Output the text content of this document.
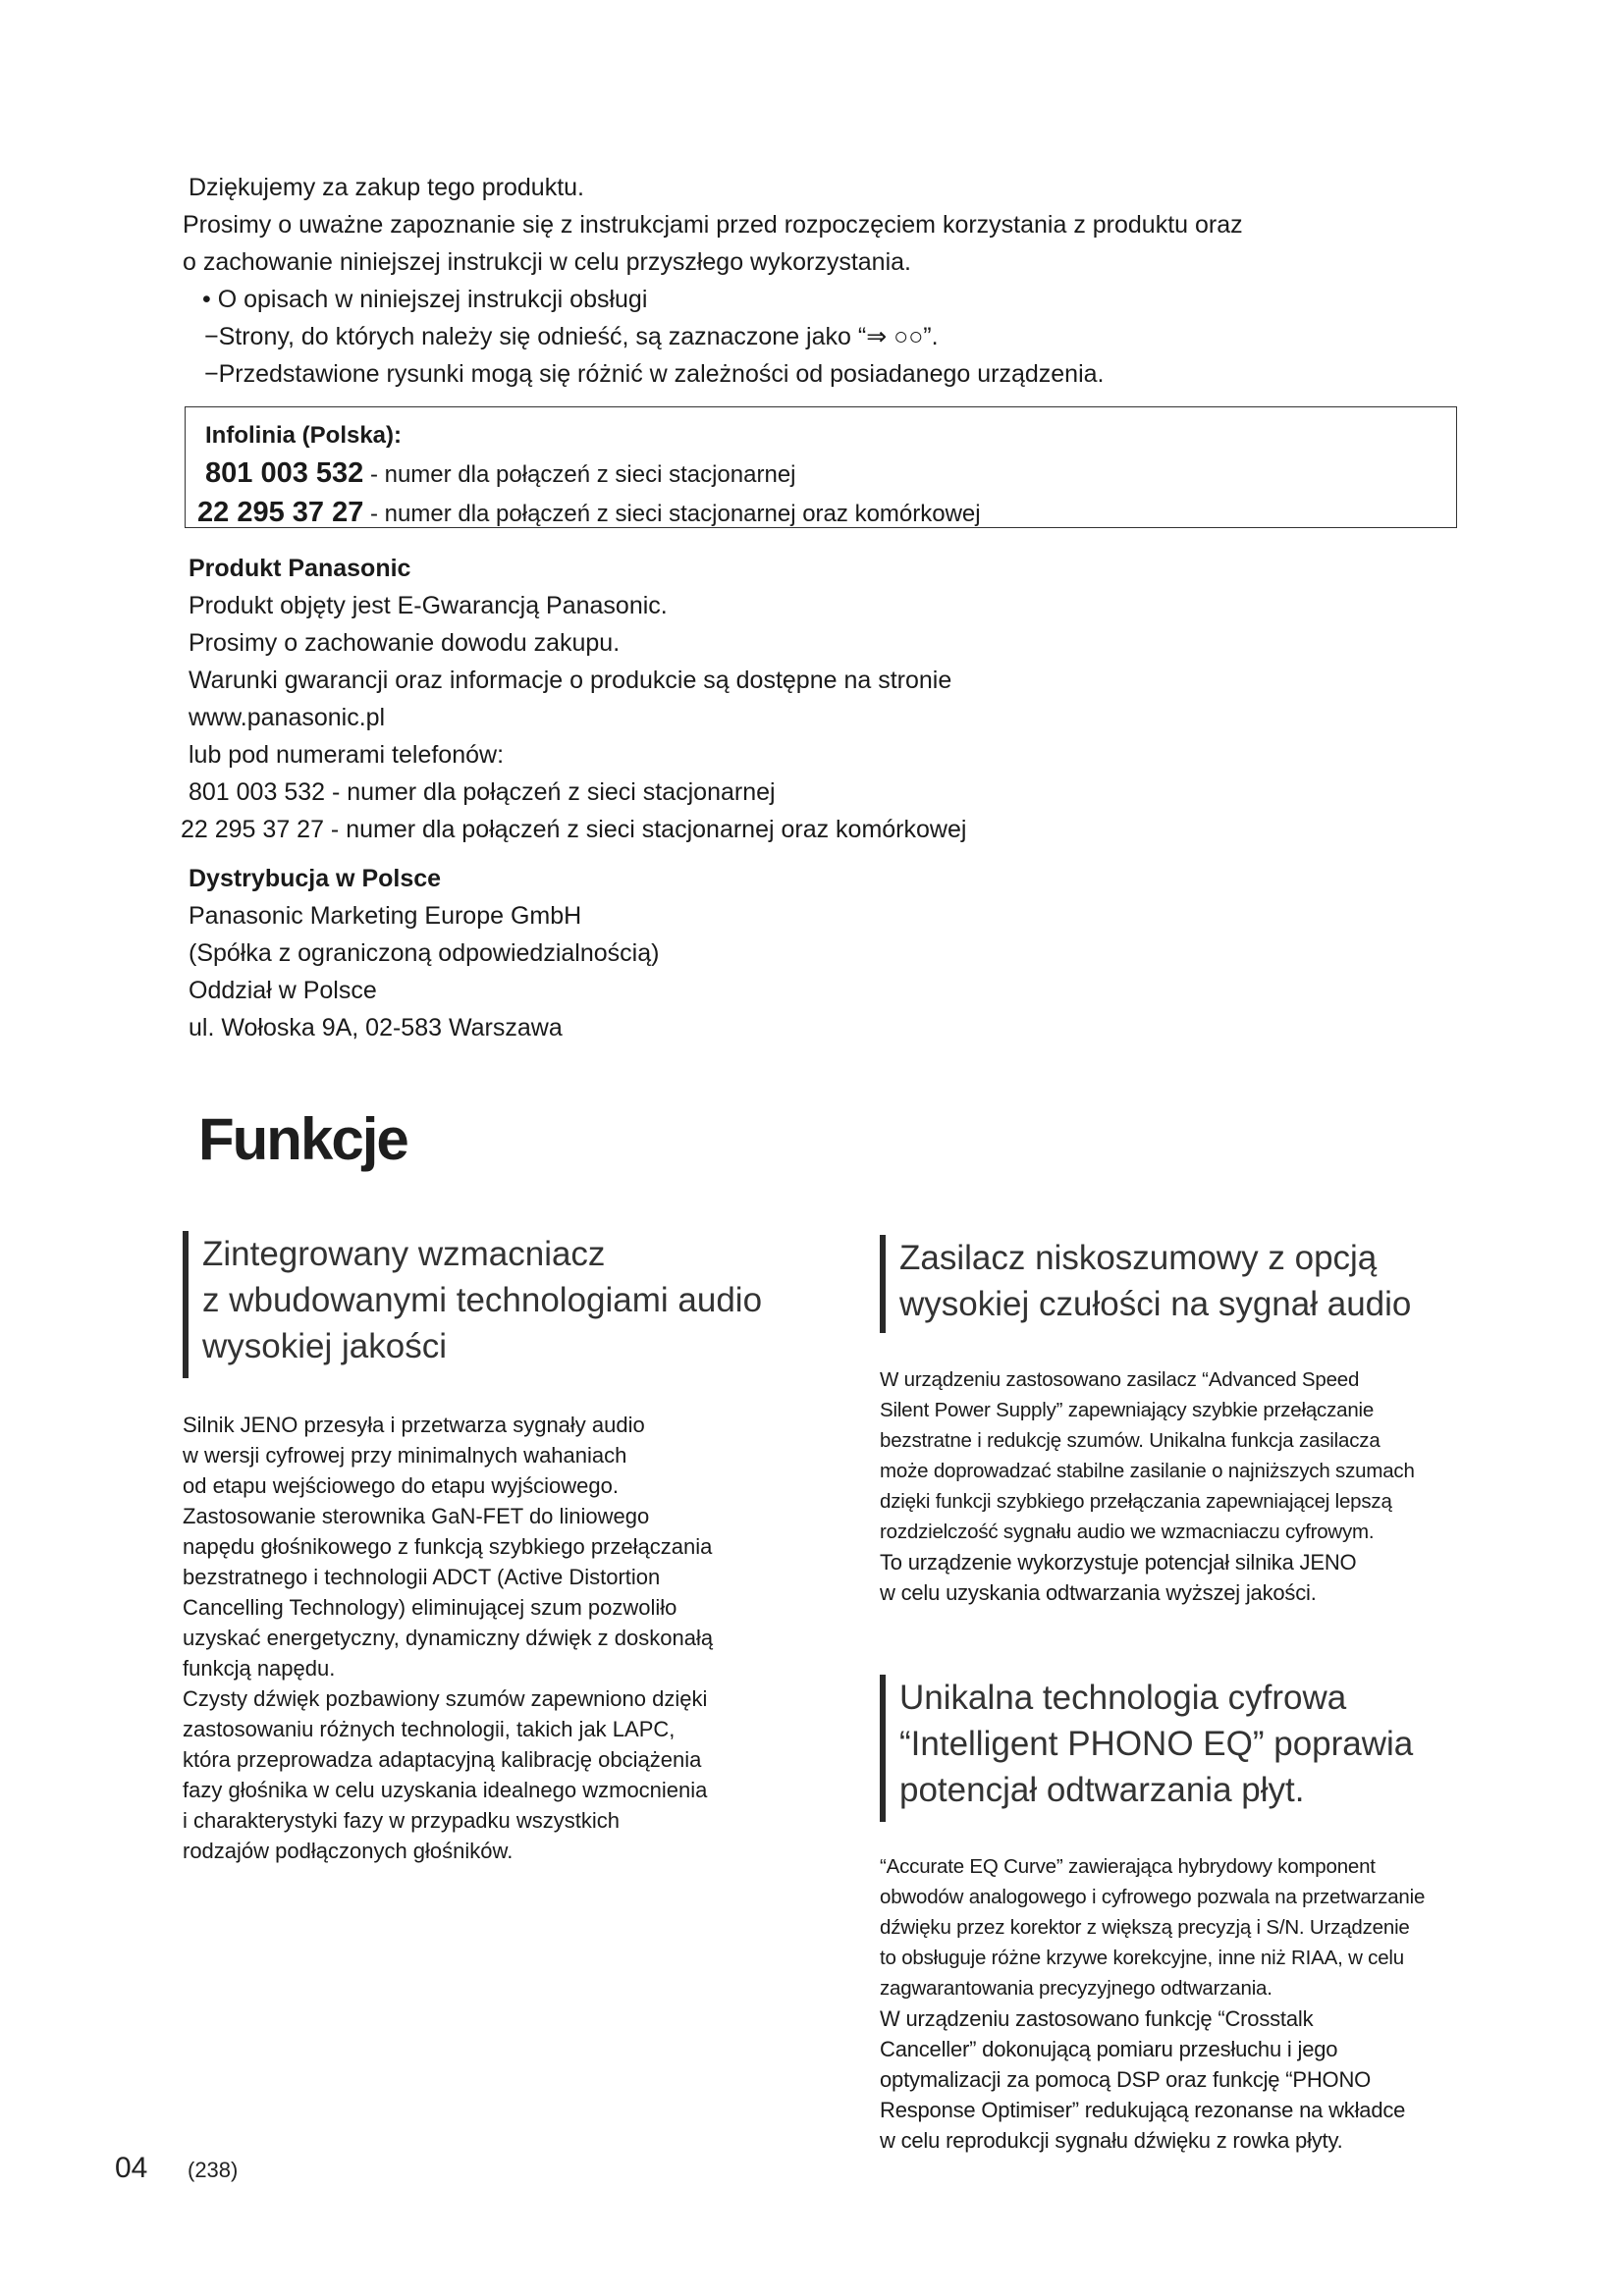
Dziękujemy za zakup tego produktu.

Prosimy o uważne zapoznanie się z instrukcjami przed rozpoczęciem korzystania z produktu oraz

o zachowanie niniejszej instrukcji w celu przyszłego wykorzystania.

• O opisach w niniejszej instrukcji obsługi

−Strony, do których należy się odnieść, są zaznaczone jako “⇒ ○○”.

−Przedstawione rysunki mogą się różnić w zależności od posiadanego urządzenia.

Infolinia (Polska):
801 003 532 - numer dla połączeń z sieci stacjonarnej
22 295 37 27 - numer dla połączeń z sieci stacjonarnej oraz komórkowej

Produkt Panasonic

Produkt objęty jest E-Gwarancją Panasonic.

Prosimy o zachowanie dowodu zakupu.

Warunki gwarancji oraz informacje o produkcie są dostępne na stronie

www.panasonic.pl

lub pod numerami telefonów:

801 003 532 - numer dla połączeń z sieci stacjonarnej

22 295 37 27 - numer dla połączeń z sieci stacjonarnej oraz komórkowej

Dystrybucja w Polsce

Panasonic Marketing Europe GmbH

(Spółka z ograniczoną odpowiedzialnością)

Oddział w Polsce

ul. Wołoska 9A, 02-583 Warszawa

Funkcje
Zintegrowany wzmacniacz
z wbudowanymi technologiami audio
wysokiej jakości

Silnik JENO przesyła i przetwarza sygnały audio

w wersji cyfrowej przy minimalnych wahaniach

od etapu wejściowego do etapu wyjściowego.

Zastosowanie sterownika GaN-FET do liniowego

napędu głośnikowego z funkcją szybkiego przełączania

bezstratnego i technologii ADCT (Active Distortion

Cancelling Technology) eliminującej szum pozwoliło

uzyskać energetyczny, dynamiczny dźwięk z doskonałą

funkcją napędu.

Czysty dźwięk pozbawiony szumów zapewniono dzięki

zastosowaniu różnych technologii, takich jak LAPC,

która przeprowadza adaptacyjną kalibrację obciążenia

fazy głośnika w celu uzyskania idealnego wzmocnienia

i charakterystyki fazy w przypadku wszystkich

rodzajów podłączonych głośników.

Zasilacz niskoszumowy z opcją
wysokiej czułości na sygnał audio

W urządzeniu zastosowano zasilacz “Advanced Speed

Silent Power Supply” zapewniający szybkie przełączanie

bezstratne i redukcję szumów. Unikalna funkcja zasilacza

może doprowadzać stabilne zasilanie o najniższych szumach

dzięki funkcji szybkiego przełączania zapewniającej lepszą

rozdzielczość sygnału audio we wzmacniaczu cyfrowym.

To urządzenie wykorzystuje potencjał silnika JENO

w celu uzyskania odtwarzania wyższej jakości.

Unikalna technologia cyfrowa
“Intelligent PHONO EQ” poprawia
potencjał odtwarzania płyt.

“Accurate EQ Curve” zawierająca hybrydowy komponent

obwodów analogowego i cyfrowego pozwala na przetwarzanie

dźwięku przez korektor z większą precyzją i S/N. Urządzenie

to obsługuje różne krzywe korekcyjne, inne niż RIAA, w celu

zagwarantowania precyzyjnego odtwarzania.

W urządzeniu zastosowano funkcję “Crosstalk

Canceller” dokonującą pomiaru przesłuchu i jego

optymalizacji za pomocą DSP oraz funkcję “PHONO

Response Optimiser” redukującą rezonanse na wkładce

w celu reprodukcji sygnału dźwięku z rowka płyty.

04 (238)
